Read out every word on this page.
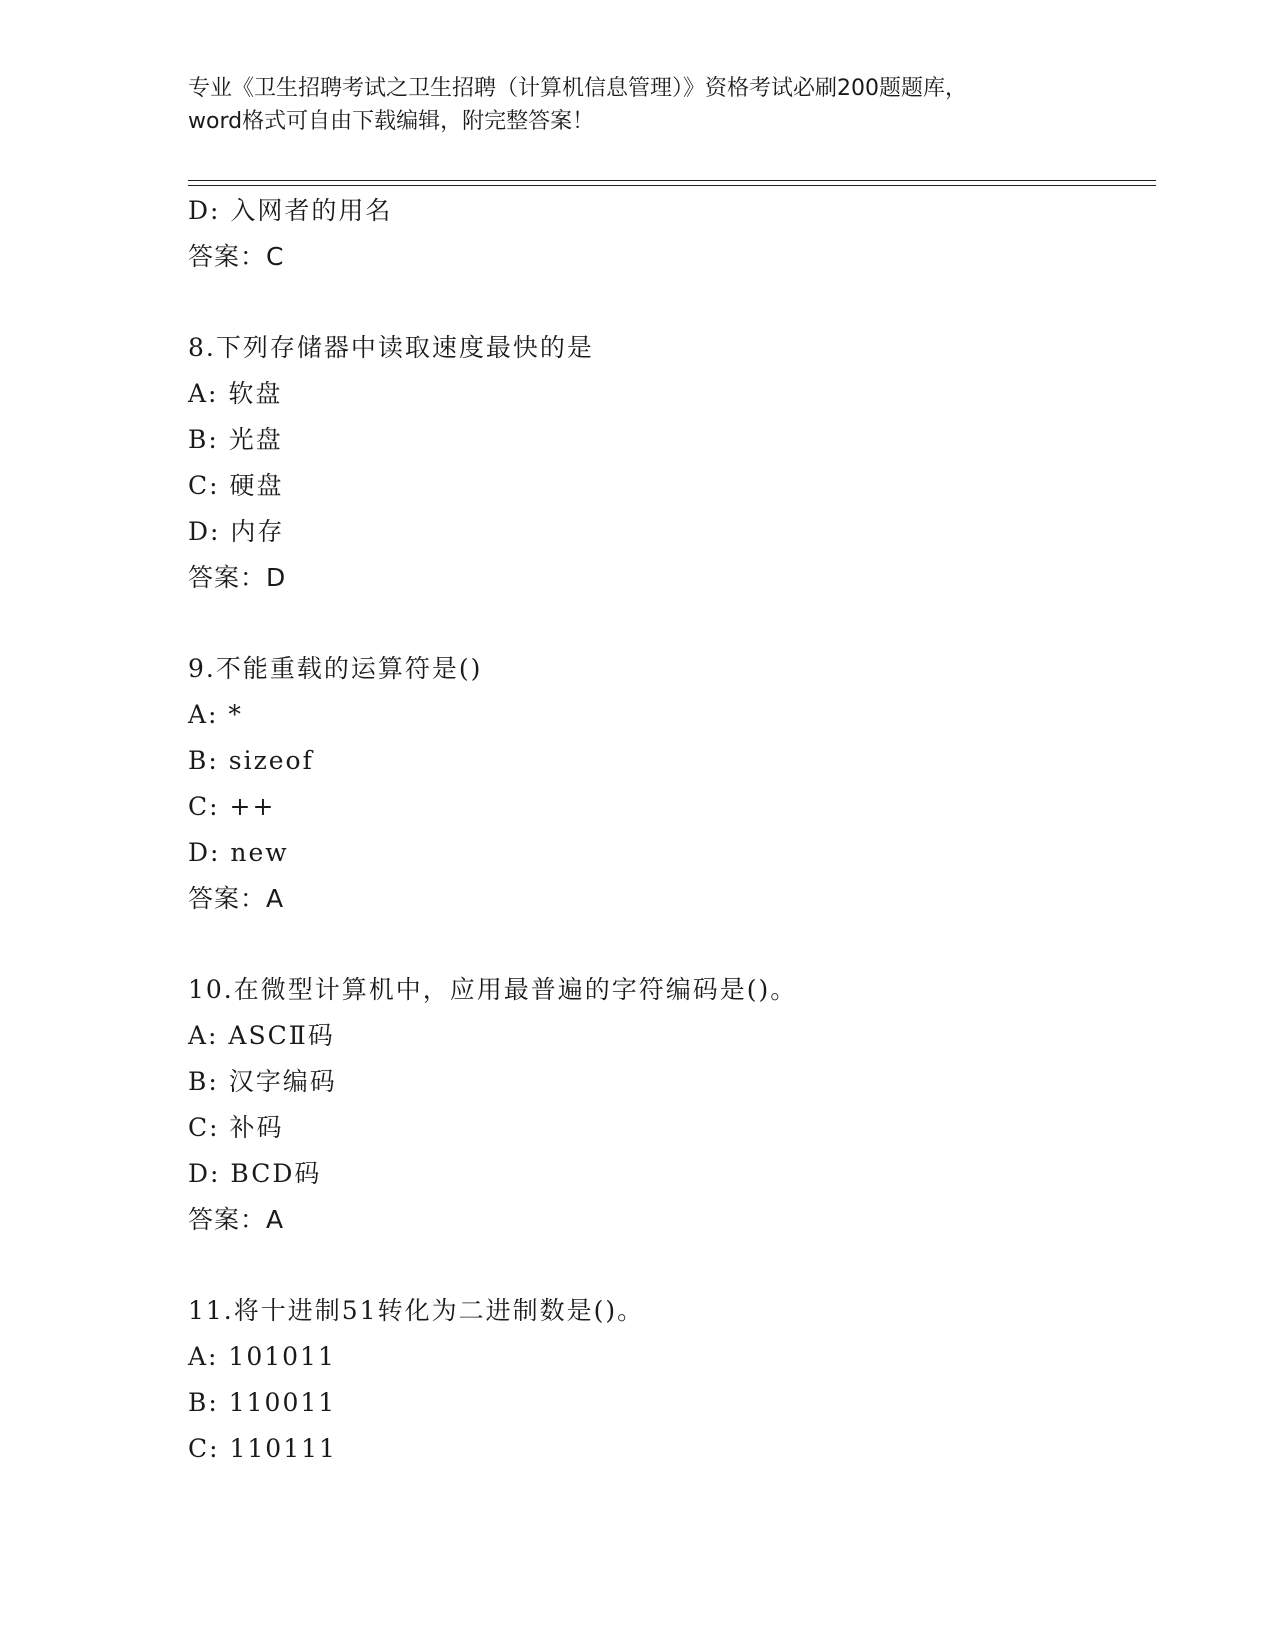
专业《卫生招聘考试之卫生招聘（计算机信息管理）》资格考试必刷200题题库，
word格式可自由下载编辑，附完整答案！
D: 入网者的用名
答案：C
8.下列存储器中读取速度最快的是
A: 软盘
B: 光盘
C: 硬盘
D: 内存
答案：D
9.不能重载的运算符是()
A: *
B: sizeof
C: ++
D: new
答案：A
10.在微型计算机中，应用最普遍的字符编码是()。
A: ASCⅡ码
B: 汉字编码
C: 补码
D: BCD码
答案：A
11.将十进制51转化为二进制数是()。
A: 101011
B: 110011
C: 110111
